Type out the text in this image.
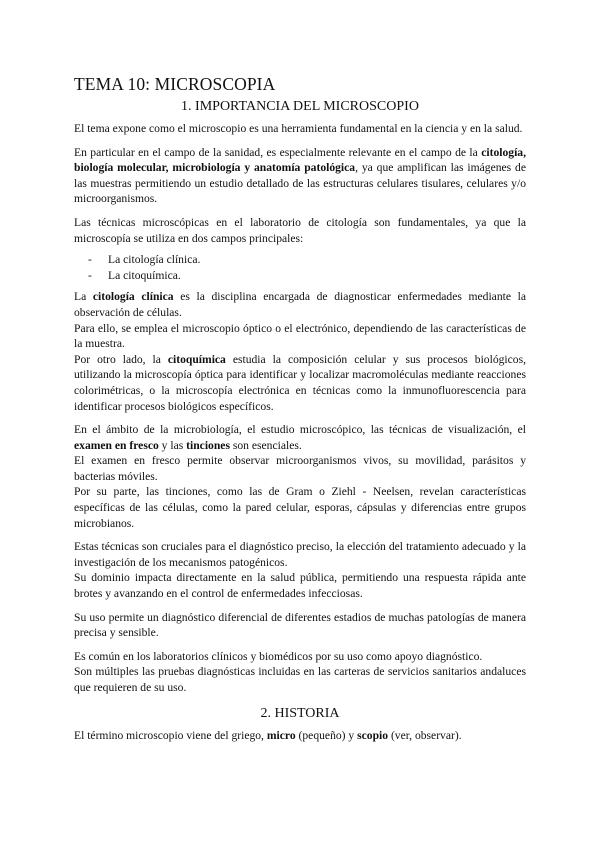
TEMA 10: MICROSCOPIA
1. IMPORTANCIA DEL MICROSCOPIO

El tema expone como el microscopio es una herramienta fundamental en la ciencia y en la salud.

En particular en el campo de la sanidad, es especialmente relevante en el campo de la citología, biología molecular, microbiología y anatomía patológica, ya que amplifican las imágenes de las muestras permitiendo un estudio detallado de las estructuras celulares tisulares, celulares y/o microorganismos.

Las técnicas microscópicas en el laboratorio de citología son fundamentales, ya que la microscopía se utiliza en dos campos principales:

- La citología clínica.
- La citoquímica.

La citología clínica es la disciplina encargada de diagnosticar enfermedades mediante la observación de células.

Para ello, se emplea el microscopio óptico o el electrónico, dependiendo de las características de la muestra.

Por otro lado, la citoquímica estudia la composición celular y sus procesos biológicos, utilizando la microscopía óptica para identificar y localizar macromoléculas mediante reacciones colorimétricas, o la microscopía electrónica en técnicas como la inmunofluorescencia para identificar procesos biológicos específicos.

En el ámbito de la microbiología, el estudio microscópico, las técnicas de visualización, el examen en fresco y las tinciones son esenciales.

El examen en fresco permite observar microorganismos vivos, su movilidad, parásitos y bacterias móviles.

Por su parte, las tinciones, como las de Gram o Ziehl - Neelsen, revelan características específicas de las células, como la pared celular, esporas, cápsulas y diferencias entre grupos microbianos.

Estas técnicas son cruciales para el diagnóstico preciso, la elección del tratamiento adecuado y la investigación de los mecanismos patogénicos.

Su dominio impacta directamente en la salud pública, permitiendo una respuesta rápida ante brotes y avanzando en el control de enfermedades infecciosas.

Su uso permite un diagnóstico diferencial de diferentes estadios de muchas patologías de manera precisa y sensible.

Es común en los laboratorios clínicos y biomédicos por su uso como apoyo diagnóstico.

Son múltiples las pruebas diagnósticas incluidas en las carteras de servicios sanitarios andaluces que requieren de su uso.

2. HISTORIA

El término microscopio viene del griego, micro (pequeño) y scopio (ver, observar).
